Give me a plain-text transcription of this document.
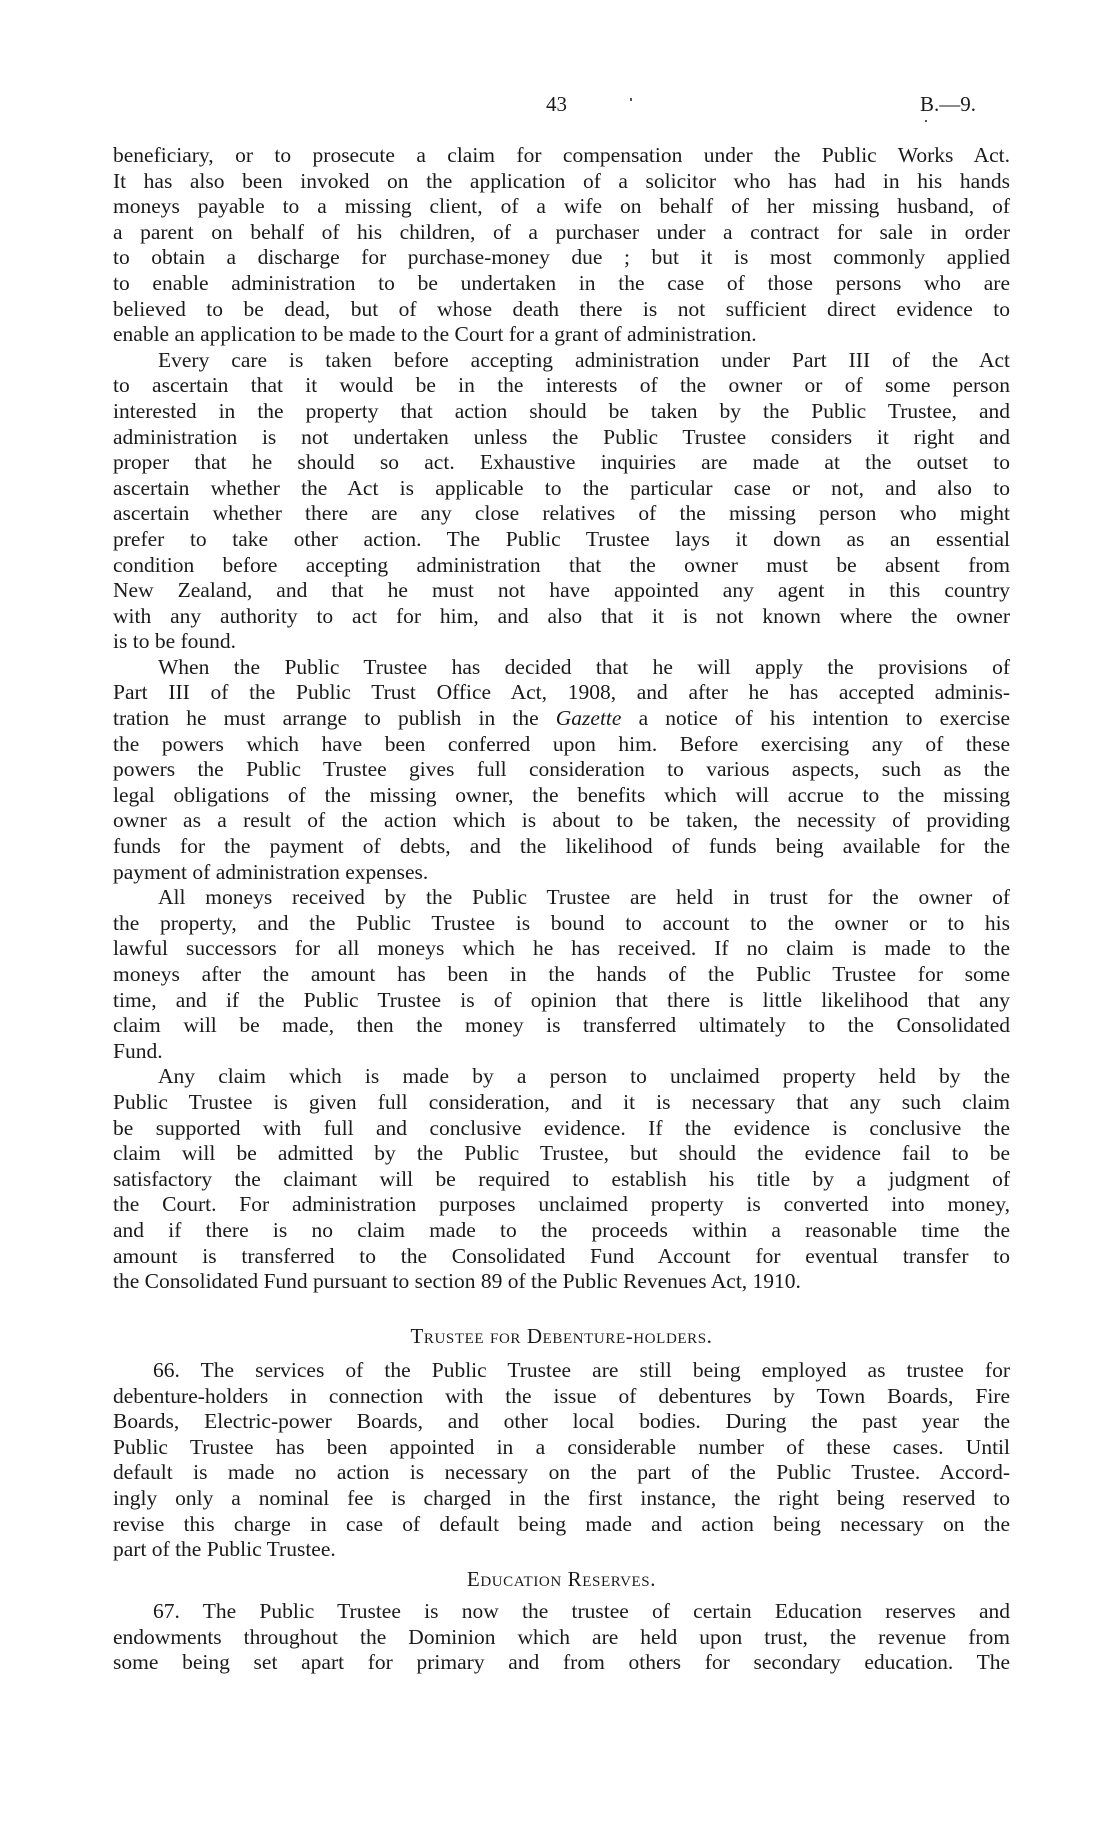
43	B.—9.
beneficiary, or to prosecute a claim for compensation under the Public Works Act.
It has also been invoked on the application of a solicitor who has had in his hands
moneys payable to a missing client, of a wife on behalf of her missing husband, of
a parent on behalf of his children, of a purchaser under a contract for sale in order
to obtain a discharge for purchase-money due ; but it is most commonly applied
to enable administration to be undertaken in the case of those persons who are
believed to be dead, but of whose death there is not sufficient direct evidence to
enable an application to be made to the Court for a grant of administration.
Every care is taken before accepting administration under Part III of the Act
to ascertain that it would be in the interests of the owner or of some person
interested in the property that action should be taken by the Public Trustee, and
administration is not undertaken unless the Public Trustee considers it right and
proper that he should so act. Exhaustive inquiries are made at the outset to
ascertain whether the Act is applicable to the particular case or not, and also to
ascertain whether there are any close relatives of the missing person who might
prefer to take other action. The Public Trustee lays it down as an essential
condition before accepting administration that the owner must be absent from
New Zealand, and that he must not have appointed any agent in this country
with any authority to act for him, and also that it is not known where the owner
is to be found.
When the Public Trustee has decided that he will apply the provisions of
Part III of the Public Trust Office Act, 1908, and after he has accepted adminis-
tration he must arrange to publish in the Gazette a notice of his intention to exercise
the powers which have been conferred upon him. Before exercising any of these
powers the Public Trustee gives full consideration to various aspects, such as the
legal obligations of the missing owner, the benefits which will accrue to the missing
owner as a result of the action which is about to be taken, the necessity of providing
funds for the payment of debts, and the likelihood of funds being available for the
payment of administration expenses.
All moneys received by the Public Trustee are held in trust for the owner of
the property, and the Public Trustee is bound to account to the owner or to his
lawful successors for all moneys which he has received. If no claim is made to the
moneys after the amount has been in the hands of the Public Trustee for some
time, and if the Public Trustee is of opinion that there is little likelihood that any
claim will be made, then the money is transferred ultimately to the Consolidated
Fund.
Any claim which is made by a person to unclaimed property held by the
Public Trustee is given full consideration, and it is necessary that any such claim
be supported with full and conclusive evidence. If the evidence is conclusive the
claim will be admitted by the Public Trustee, but should the evidence fail to be
satisfactory the claimant will be required to establish his title by a judgment of
the Court. For administration purposes unclaimed property is converted into money,
and if there is no claim made to the proceeds within a reasonable time the
amount is transferred to the Consolidated Fund Account for eventual transfer to
the Consolidated Fund pursuant to section 89 of the Public Revenues Act, 1910.
Trustee for Debenture-holders.
66. The services of the Public Trustee are still being employed as trustee for
debenture-holders in connection with the issue of debentures by Town Boards, Fire
Boards, Electric-power Boards, and other local bodies. During the past year the
Public Trustee has been appointed in a considerable number of these cases. Until
default is made no action is necessary on the part of the Public Trustee. Accord-
ingly only a nominal fee is charged in the first instance, the right being reserved to
revise this charge in case of default being made and action being necessary on the
part of the Public Trustee.
Education Reserves.
67. The Public Trustee is now the trustee of certain Education reserves and
endowments throughout the Dominion which are held upon trust, the revenue from
some being set apart for primary and from others for secondary education. The
